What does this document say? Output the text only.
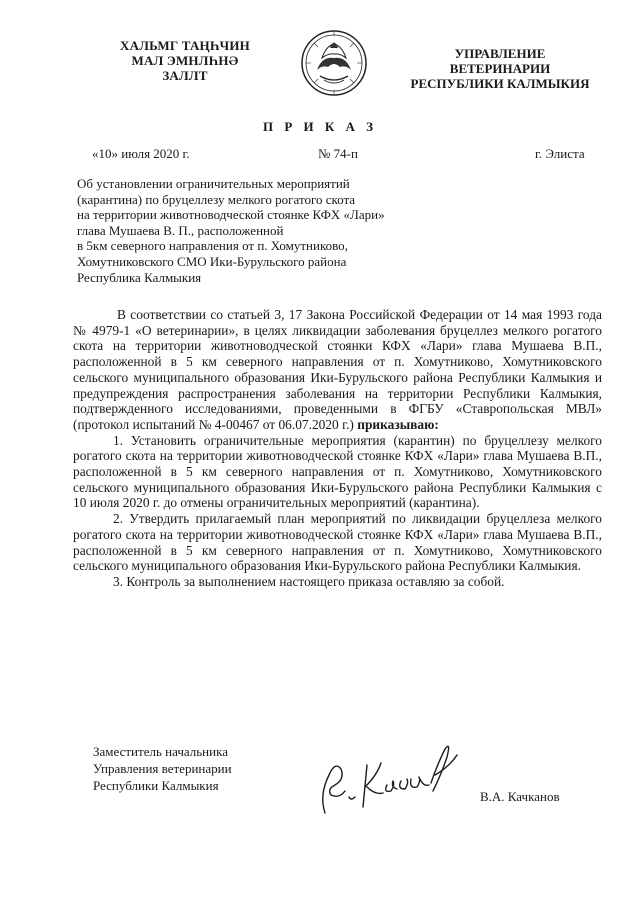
ХАЛЬМГ ТАҢҺЧИН
МАЛ ЭМНЛҺНӘ
ЗАЛЛТ
УПРАВЛЕНИЕ
ВЕТЕРИНАРИИ
РЕСПУБЛИКИ КАЛМЫКИЯ
П Р И К А З
«10» июля 2020 г.	№ 74-п	г. Элиста
Об установлении ограничительных мероприятий
(карантина) по бруцеллезу мелкого рогатого скота
на территории животноводческой стоянке КФХ «Лари»
глава Мушаева В. П., расположенной
в 5км северного направления от п. Хомутниково,
Хомутниковского СМО Ики-Бурульского района
Республика Калмыкия

В соответствии со статьей 3, 17 Закона Российской Федерации от 14 мая 1993 года № 4979-1 «О ветеринарии», в целях ликвидации заболевания бруцеллез мелкого рогатого скота на территории животноводческой стоянки КФХ «Лари» глава Мушаева В.П., расположенной в 5 км северного направления от п. Хомутниково, Хомутниковского сельского муниципального образования Ики-Бурульского района Республики Калмыкия и предупреждения распространения заболевания на территории Республики Калмыкия, подтвержденного исследованиями, проведенными в ФГБУ «Ставропольская МВЛ» (протокол испытаний № 4-00467 от 06.07.2020 г.) приказываю:

1. Установить ограничительные мероприятия (карантин) по бруцеллезу мелкого рогатого скота на территории животноводческой стоянке КФХ «Лари» глава Мушаева В.П., расположенной в 5 км северного направления от п. Хомутниково, Хомутниковского сельского муниципального образования Ики-Бурульского района Республики Калмыкия с 10 июля 2020 г. до отмены ограничительных мероприятий (карантина).

2. Утвердить прилагаемый план мероприятий по ликвидации бруцеллеза мелкого рогатого скота на территории животноводческой стоянке КФХ «Лари» глава Мушаева В.П., расположенной в 5 км северного направления от п. Хомутниково, Хомутниковского сельского муниципального образования Ики-Бурульского района Республики Калмыкия.

3. Контроль за выполнением настоящего приказа оставляю за собой.

Заместитель начальника
Управления ветеринарии
Республики Калмыкия
В.А. Качканов
